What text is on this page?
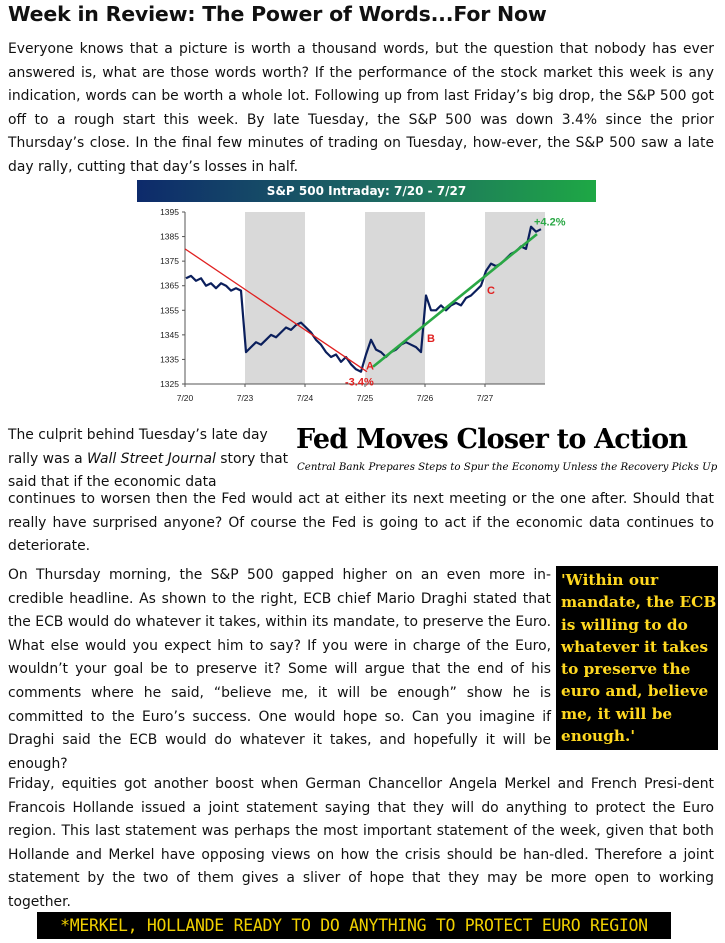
Week in Review: The Power of Words...For Now

Everyone knows that a picture is worth a thousand words, but the question that nobody has ever answered is, what are those words worth? If the performance of the stock market this week is any indication, words can be worth a whole lot. Following up from last Friday’s big drop, the S&P 500 got off to a rough start this week. By late Tuesday, the S&P 500 was down 3.4% since the prior Thursday’s close. In the final few minutes of trading on Tuesday, how-ever, the S&P 500 saw a late day rally, cutting that day’s losses in half.

S&P 500 Intraday: 7/20 - 7/27
1325
1335
1345
1355
1365
1375
1385
1395
7/20	7/23	7/24	7/25	7/26	7/27
-3.4%
A
B
C
+4.2%

The culprit behind Tuesday’s late day rally was a Wall Street Journal story that said that if the economic data

Fed Moves Closer to Action
Central Bank Prepares Steps to Spur the Economy Unless the Recovery Picks Up

continues to worsen then the Fed would act at either its next meeting or the one after. Should that really have surprised anyone? Of course the Fed is going to act if the economic data continues to deteriorate.

On Thursday morning, the S&P 500 gapped higher on an even more in-credible headline. As shown to the right, ECB chief Mario Draghi stated that the ECB would do whatever it takes, within its mandate, to preserve the Euro. What else would you expect him to say? If you were in charge of the Euro, wouldn’t your goal be to preserve it? Some will argue that the end of his comments where he said, “believe me, it will be enough” show he is committed to the Euro’s success. One would hope so. Can you imagine if Draghi said the ECB would do whatever it takes, and hopefully it will be enough?

'Within our mandate, the ECB is willing to do whatever it takes to preserve the euro and, believe me, it will be enough.'

Friday, equities got another boost when German Chancellor Angela Merkel and French Presi-dent Francois Hollande issued a joint statement saying that they will do anything to protect the Euro region. This last statement was perhaps the most important statement of the week, given that both Hollande and Merkel have opposing views on how the crisis should be han-dled. Therefore a joint statement by the two of them gives a sliver of hope that they may be more open to working together.

*MERKEL, HOLLANDE READY TO DO ANYTHING TO PROTECT EURO REGION
